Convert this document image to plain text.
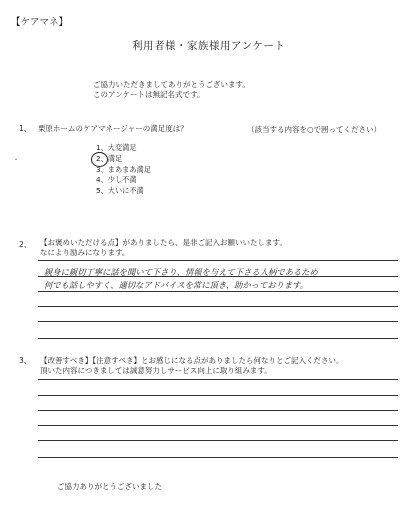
【ケアマネ】
利用者様・家族様用アンケート
ご協力いただきましてありがとうございます。
このアンケートは無記名式です。
1、 栗原ホームのケアマネージャーの満足度は？	（該当する内容を○で囲ってください）
・
1、大変満足
2、満足
3、まあまあ満足
4、少し不満
5、大いに不満
2、 【お褒めいただける点】がありましたら、是非ご記入お願いいたします。
なにより励みになります。
親身に親切丁寧に話を聞いて下さり、情報を与えて下さる人柄であるため
何でも話しやすく、適切なアドバイスを常に頂き、助かっております。
3、 【改善すべき】【注意すべき】とお感じになる点がありましたら何なりとご記入ください。
頂いた内容につきましては誠意努力しサービス向上に取り組みます。
ご協力ありがとうございました
